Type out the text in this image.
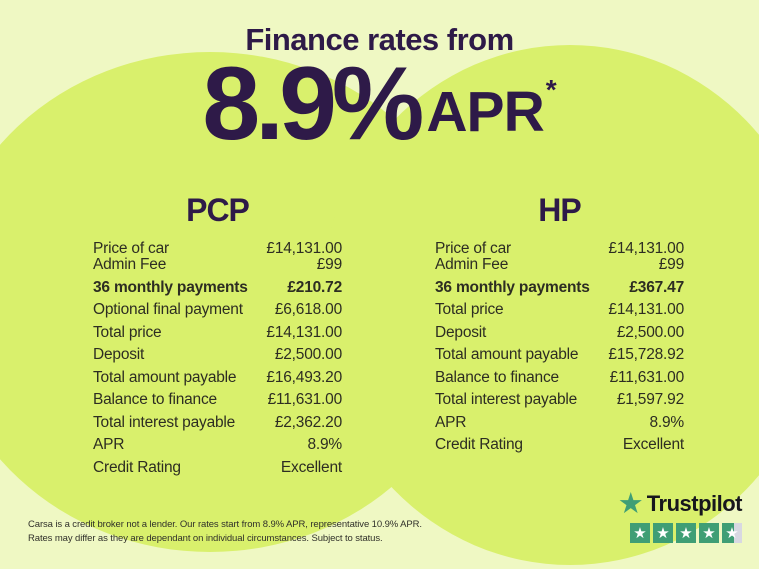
Finance rates from
8.9% APR *
PCP
Price of car	£14,131.00
Admin Fee	£99
36 monthly payments	£210.72
Optional final payment £6,618.00
Total price	£14,131.00
Deposit	£2,500.00
Total amount payable £16,493.20
Balance to finance	£11,631.00
Total interest payable	£2,362.20
APR	8.9%
Credit Rating	Excellent
HP
Price of car	£14,131.00
Admin Fee	£99
36 monthly payments	£367.47
Total price	£14,131.00
Deposit	£2,500.00
Total amount payable £15,728.92
Balance to finance	£11,631.00
Total interest payable	£1,597.92
APR	8.9%
Credit Rating	Excellent
Carsa is a credit broker not a lender. Our rates start from 8.9% APR, representative 10.9% APR.
Rates may differ as they are dependant on individual circumstances. Subject to status.
★ Trustpilot
★ ★ ★ ★ ★
